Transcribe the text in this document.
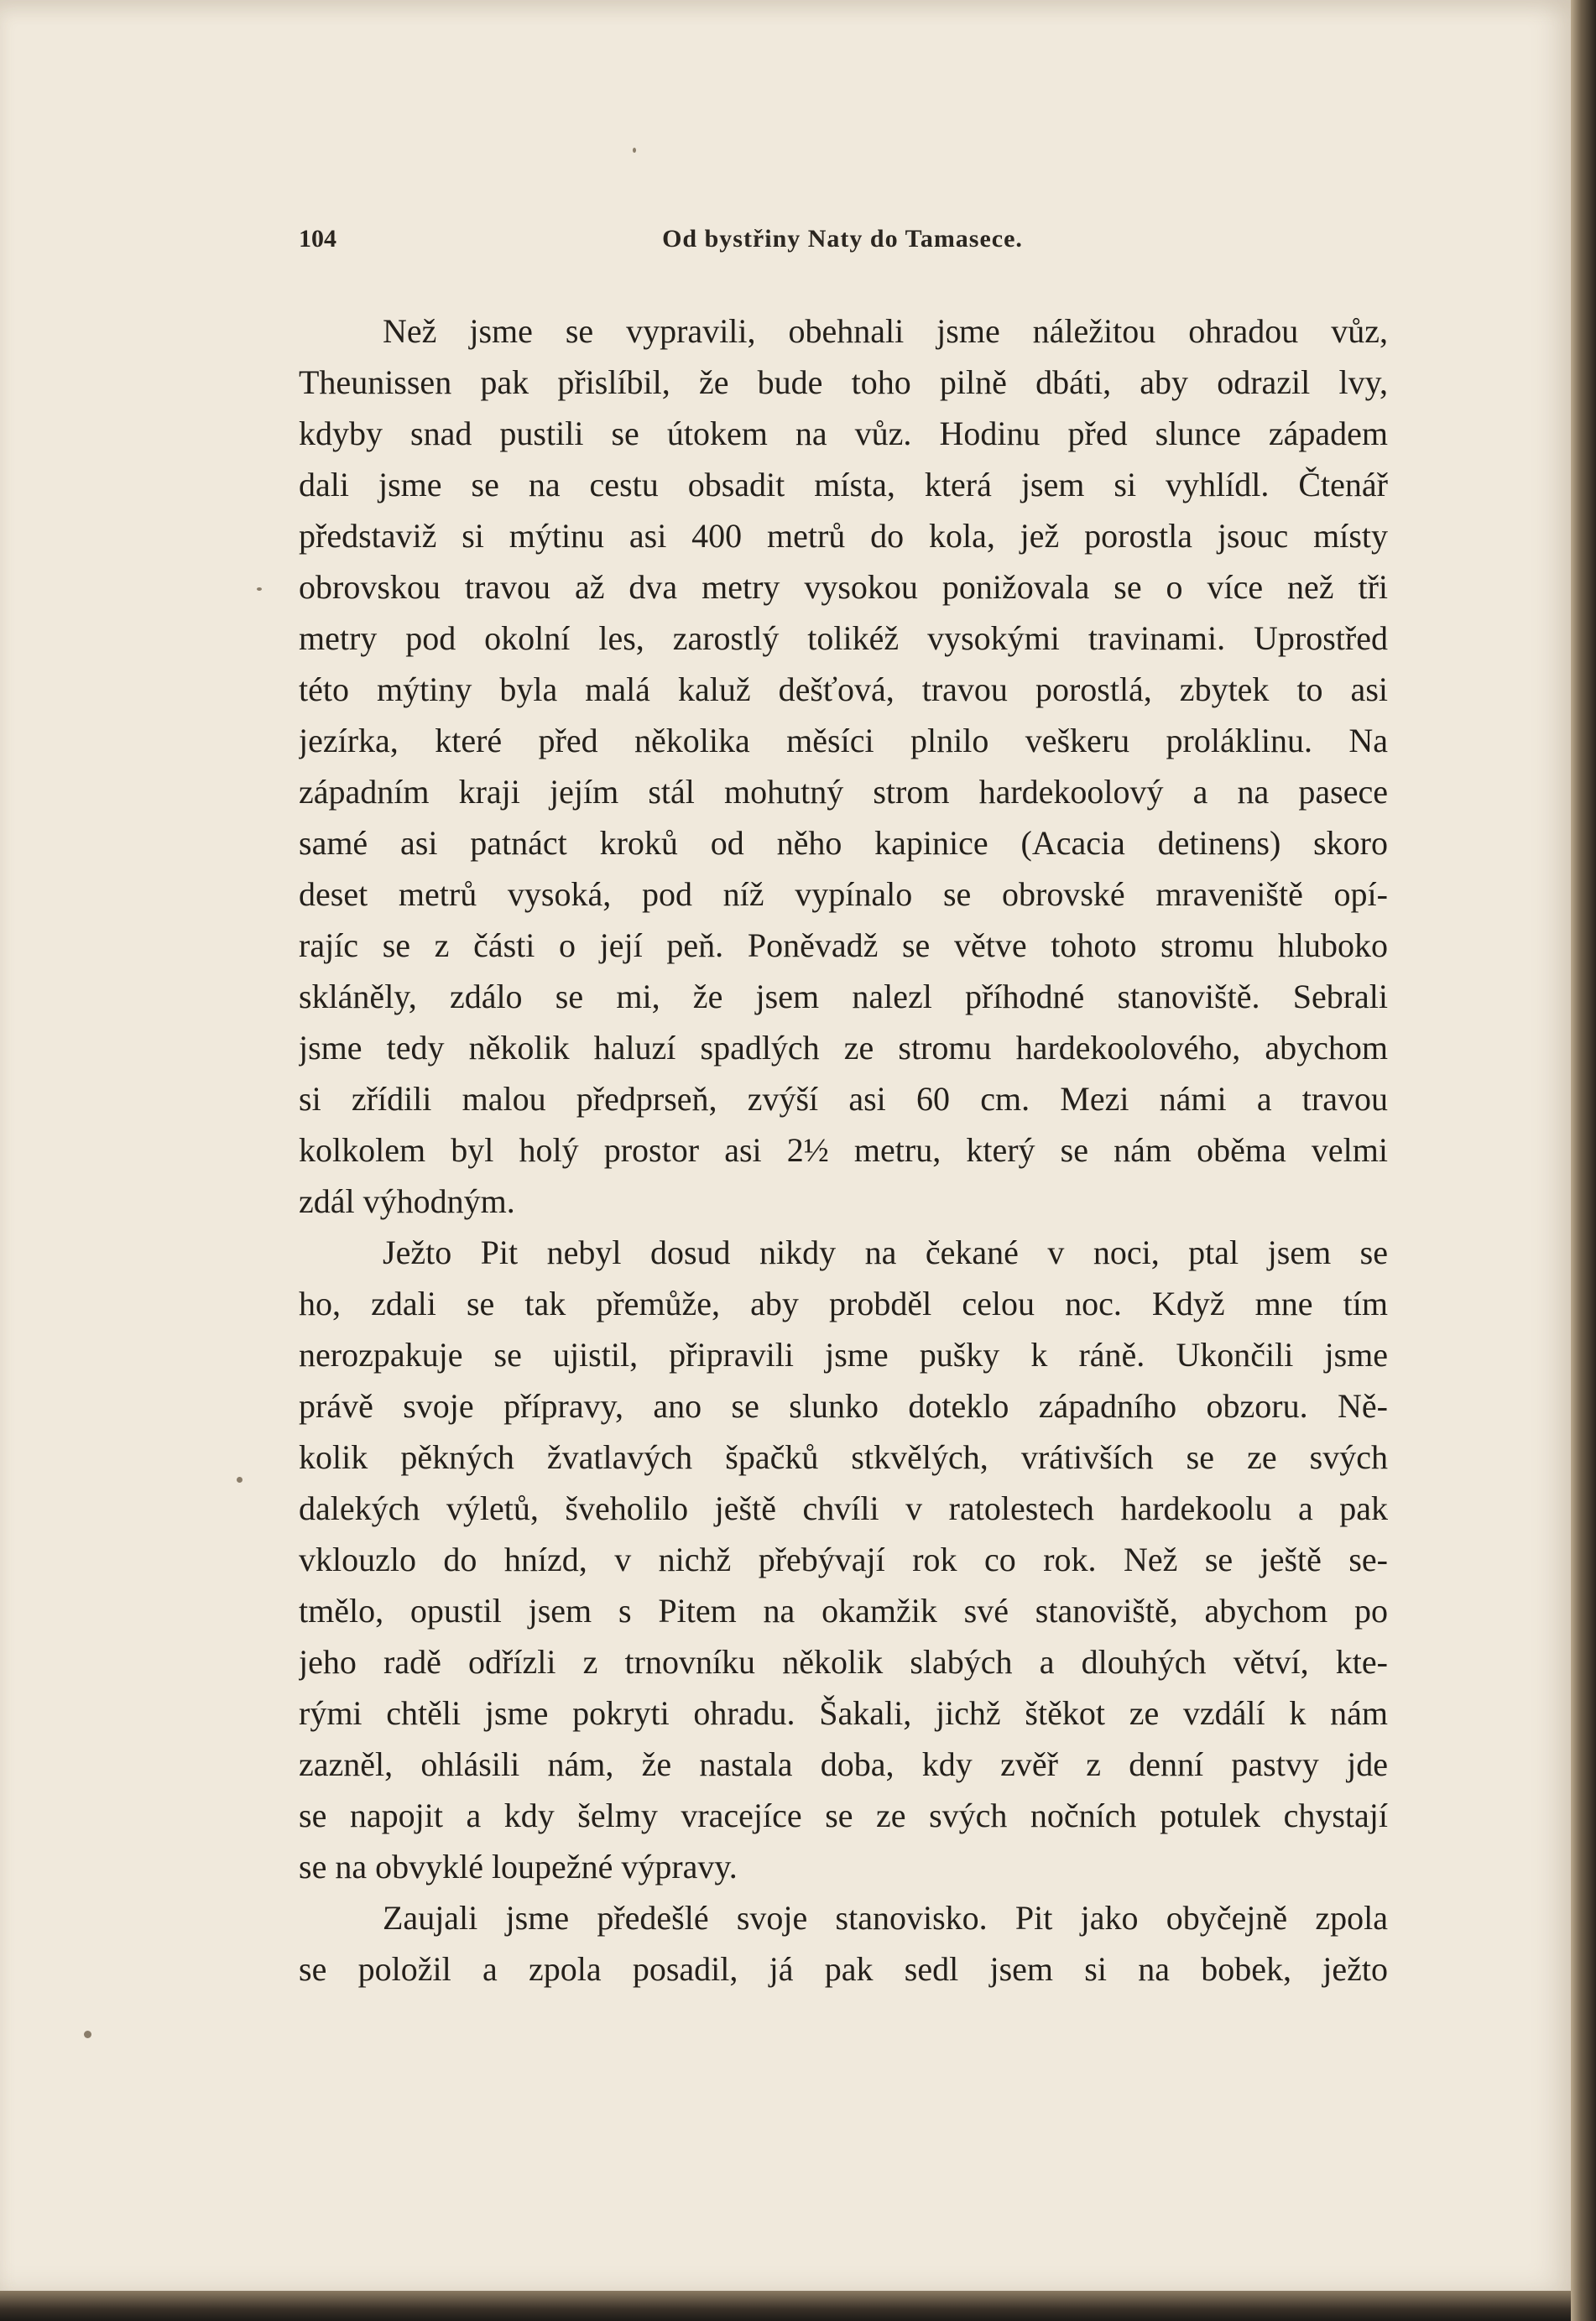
104	Od bystřiny Naty do Tamasece.
Než jsme se vypravili, obehnali jsme náležitou ohradou vůz,
Theunissen pak přislíbil, že bude toho pilně dbáti, aby odrazil lvy,
kdyby snad pustili se útokem na vůz. Hodinu před slunce západem
dali jsme se na cestu obsadit místa, která jsem si vyhlídl. Čtenář
představiž si mýtinu asi 400 metrů do kola, jež porostla jsouc místy
obrovskou travou až dva metry vysokou ponižovala se o více než tři
metry pod okolní les, zarostlý tolikéž vysokými travinami. Uprostřed
této mýtiny byla malá kaluž dešťová, travou porostlá, zbytek to asi
jezírka, které před několika měsíci plnilo veškeru proláklinu. Na
západním kraji jejím stál mohutný strom hardekoolový a na pasece
samé asi patnáct kroků od něho kapinice (Acacia detinens) skoro
deset metrů vysoká, pod níž vypínalo se obrovské mraveniště opí-
rajíc se z části o její peň. Poněvadž se větve tohoto stromu hluboko
skláněly, zdálo se mi, že jsem nalezl příhodné stanoviště. Sebrali
jsme tedy několik haluzí spadlých ze stromu hardekoolového, abychom
si zřídili malou předprseň, zvýší asi 60 cm. Mezi námi a travou
kolkolem byl holý prostor asi 2½ metru, který se nám oběma velmi
zdál výhodným.
Ježto Pit nebyl dosud nikdy na čekané v noci, ptal jsem se
ho, zdali se tak přemůže, aby probděl celou noc. Když mne tím
nerozpakuje se ujistil, připravili jsme pušky k ráně. Ukončili jsme
právě svoje přípravy, ano se slunko doteklo západního obzoru. Ně-
kolik pěkných žvatlavých špačků stkvělých, vrátivších se ze svých
dalekých výletů, šveholilo ještě chvíli v ratolestech hardekoolu a pak
vklouzlo do hnízd, v nichž přebývají rok co rok. Než se ještě se-
tmělo, opustil jsem s Pitem na okamžik své stanoviště, abychom po
jeho radě odřízli z trnovníku několik slabých a dlouhých větví, kte-
rými chtěli jsme pokryti ohradu. Šakali, jichž štěkot ze vzdálí k nám
zazněl, ohlásili nám, že nastala doba, kdy zvěř z denní pastvy jde
se napojit a kdy šelmy vracejíce se ze svých nočních potulek chystají
se na obvyklé loupežné výpravy.
Zaujali jsme předešlé svoje stanovisko. Pit jako obyčejně zpola
se položil a zpola posadil, já pak sedl jsem si na bobek, ježto
